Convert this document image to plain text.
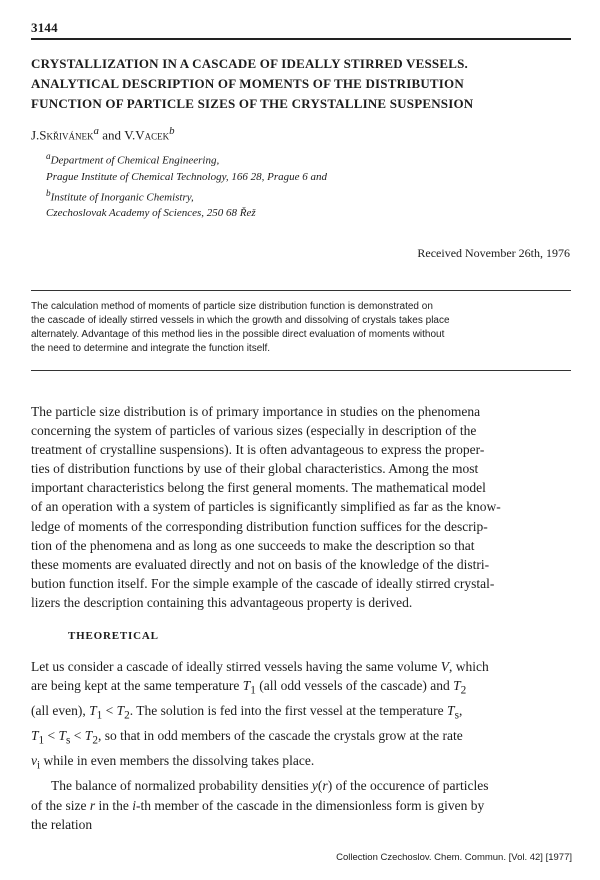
3144
CRYSTALLIZATION IN A CASCADE OF IDEALLY STIRRED VESSELS.
ANALYTICAL DESCRIPTION OF MOMENTS OF THE DISTRIBUTION
FUNCTION OF PARTICLE SIZES OF THE CRYSTALLINE SUSPENSION
J.Skřivánek$^a$ and V.Vacek$^b$
$^a$Department of Chemical Engineering,
Prague Institute of Chemical Technology, 166 28, Prague 6 and
$^b$Institute of Inorganic Chemistry,
Czechoslovak Academy of Sciences, 250 68 Řež
Received November 26th, 1976
The calculation method of moments of particle size distribution function is demonstrated on
the cascade of ideally stirred vessels in which the growth and dissolving of crystals takes place
alternately. Advantage of this method lies in the possible direct evaluation of moments without
the need to determine and integrate the function itself.
The particle size distribution is of primary importance in studies on the phenomena
concerning the system of particles of various sizes (especially in description of the
treatment of crystalline suspensions). It is often advantageous to express the proper-
ties of distribution functions by use of their global characteristics. Among the most
important characteristics belong the first general moments. The mathematical model
of an operation with a system of particles is significantly simplified as far as the know-
ledge of moments of the corresponding distribution function suffices for the descrip-
tion of the phenomena and as long as one succeeds to make the description so that
these moments are evaluated directly and not on basis of the knowledge of the distri-
bution function itself. For the simple example of the cascade of ideally stirred crystal-
lizers the description containing this advantageous property is derived.
THEORETICAL
Let us consider a cascade of ideally stirred vessels having the same volume V, which
are being kept at the same temperature $T_1$ (all odd vessels of the cascade) and $T_2$
(all even), $T_1 < T_2$. The solution is fed into the first vessel at the temperature $T_s$,
$T_1 < T_s < T_2$, so that in odd members of the cascade the crystals grow at the rate
$v_i$ while in even members the dissolving takes place.
The balance of normalized probability densities y(r) of the occurence of particles
of the size r in the i-th member of the cascade in the dimensionless form is given by
the relation
Collection Czechoslov. Chem. Commun. [Vol. 42] [1977]
